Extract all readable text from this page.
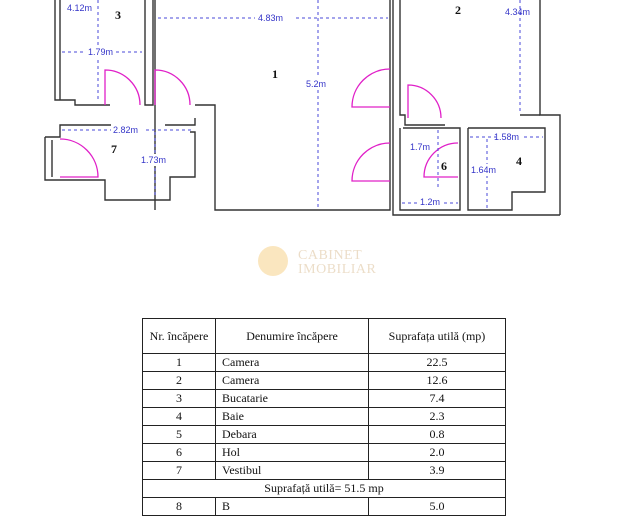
4.83m
5.2m
4.34m
4.12m
1.79m
1.58m
1.64m
1.7m
1.2m
2.82m
1.73m
1
2
3
4
6
7
CABINET
IMOBILIAR
Nr. încăpere	Denumire încăpere	Suprafața utilă (mp)
1	Camera	22.5
2	Camera	12.6
3	Bucatarie	7.4
4	Baie	2.3
5	Debara	0.8
6	Hol	2.0
7	Vestibul	3.9
Suprafață utilă= 51.5 mp		
8	B	5.0
